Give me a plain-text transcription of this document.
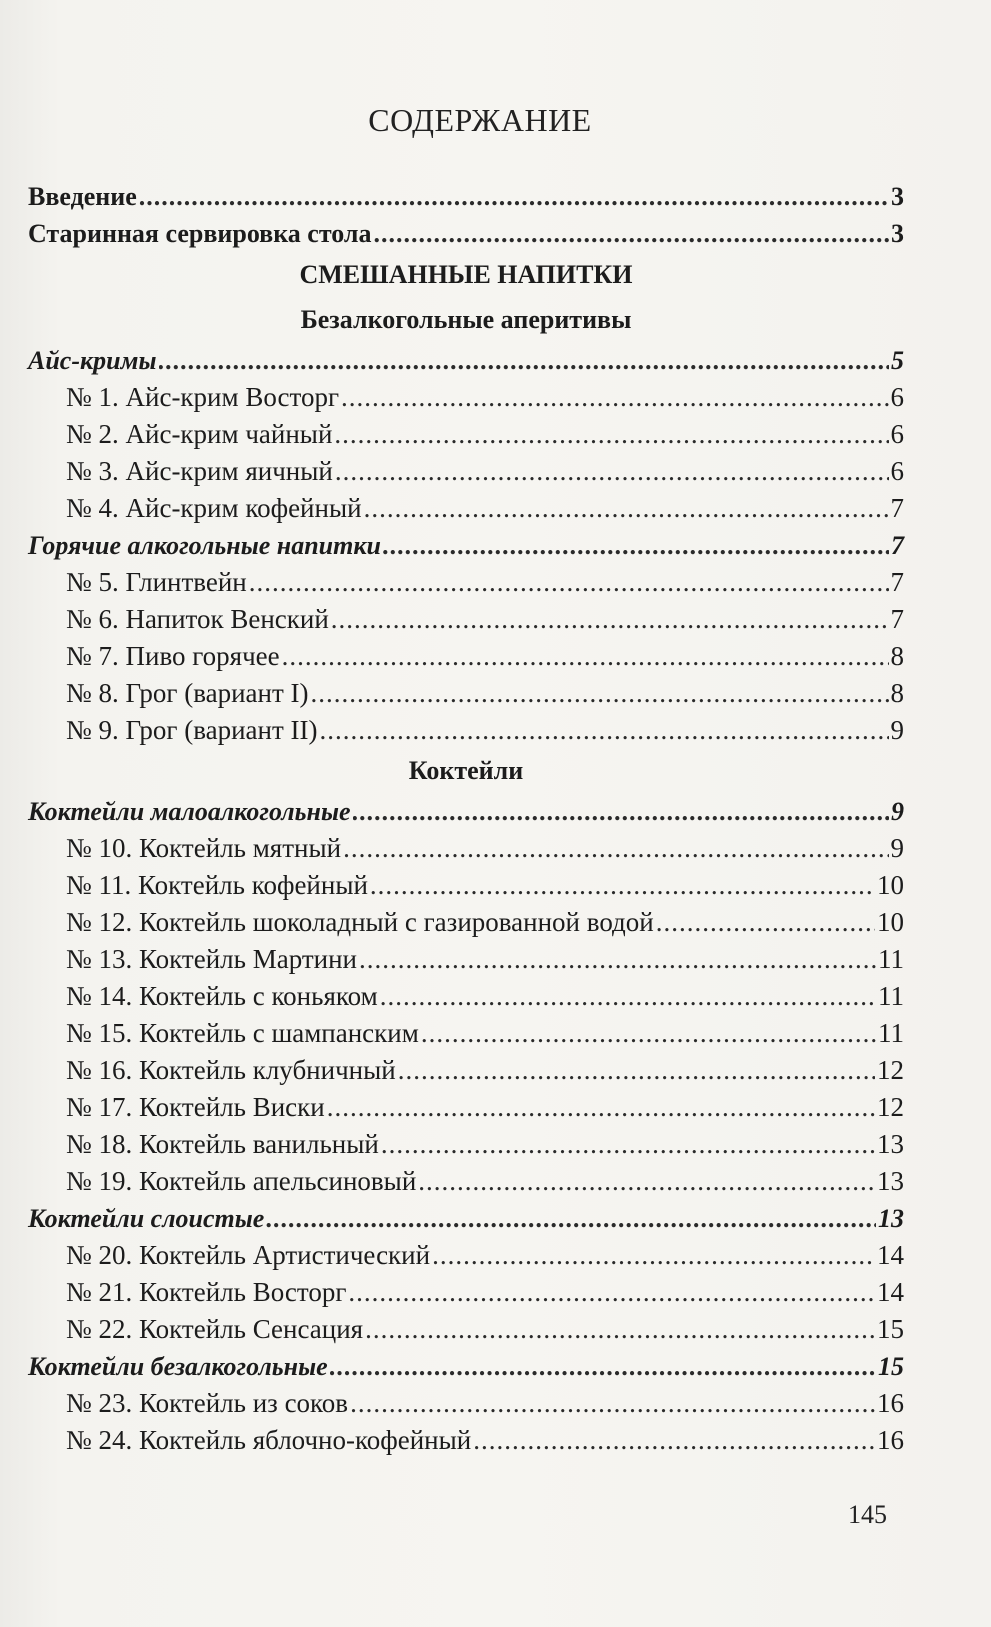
СОДЕРЖАНИЕ
Введение .....	3
Старинная сервировка стола .....	3
СМЕШАННЫЕ НАПИТКИ
Безалкогольные аперитивы
Айс-кримы .....	5
№ 1. Айс-крим Восторг .....	6
№ 2. Айс-крим чайный .....	6
№ 3. Айс-крим яичный .....	6
№ 4. Айс-крим кофейный .....	7
Горячие алкогольные напитки .....	7
№ 5. Глинтвейн .....	7
№ 6. Напиток Венский .....	7
№ 7. Пиво горячее .....	8
№ 8. Грог (вариант I) .....	8
№ 9. Грог (вариант II) .....	9
Коктейли
Коктейли малоалкогольные .....	9
№ 10. Коктейль мятный .....	9
№ 11. Коктейль кофейный .....	10
№ 12. Коктейль шоколадный с газированной водой .....	10
№ 13. Коктейль Мартини .....	11
№ 14. Коктейль с коньяком .....	11
№ 15. Коктейль с шампанским .....	11
№ 16. Коктейль клубничный .....	12
№ 17. Коктейль Виски .....	12
№ 18. Коктейль ванильный .....	13
№ 19. Коктейль апельсиновый .....	13
Коктейли слоистые .....	13
№ 20. Коктейль Артистический .....	14
№ 21. Коктейль Восторг .....	14
№ 22. Коктейль Сенсация .....	15
Коктейли безалкогольные .....	15
№ 23. Коктейль из соков .....	16
№ 24. Коктейль яблочно-кофейный .....	16
145
